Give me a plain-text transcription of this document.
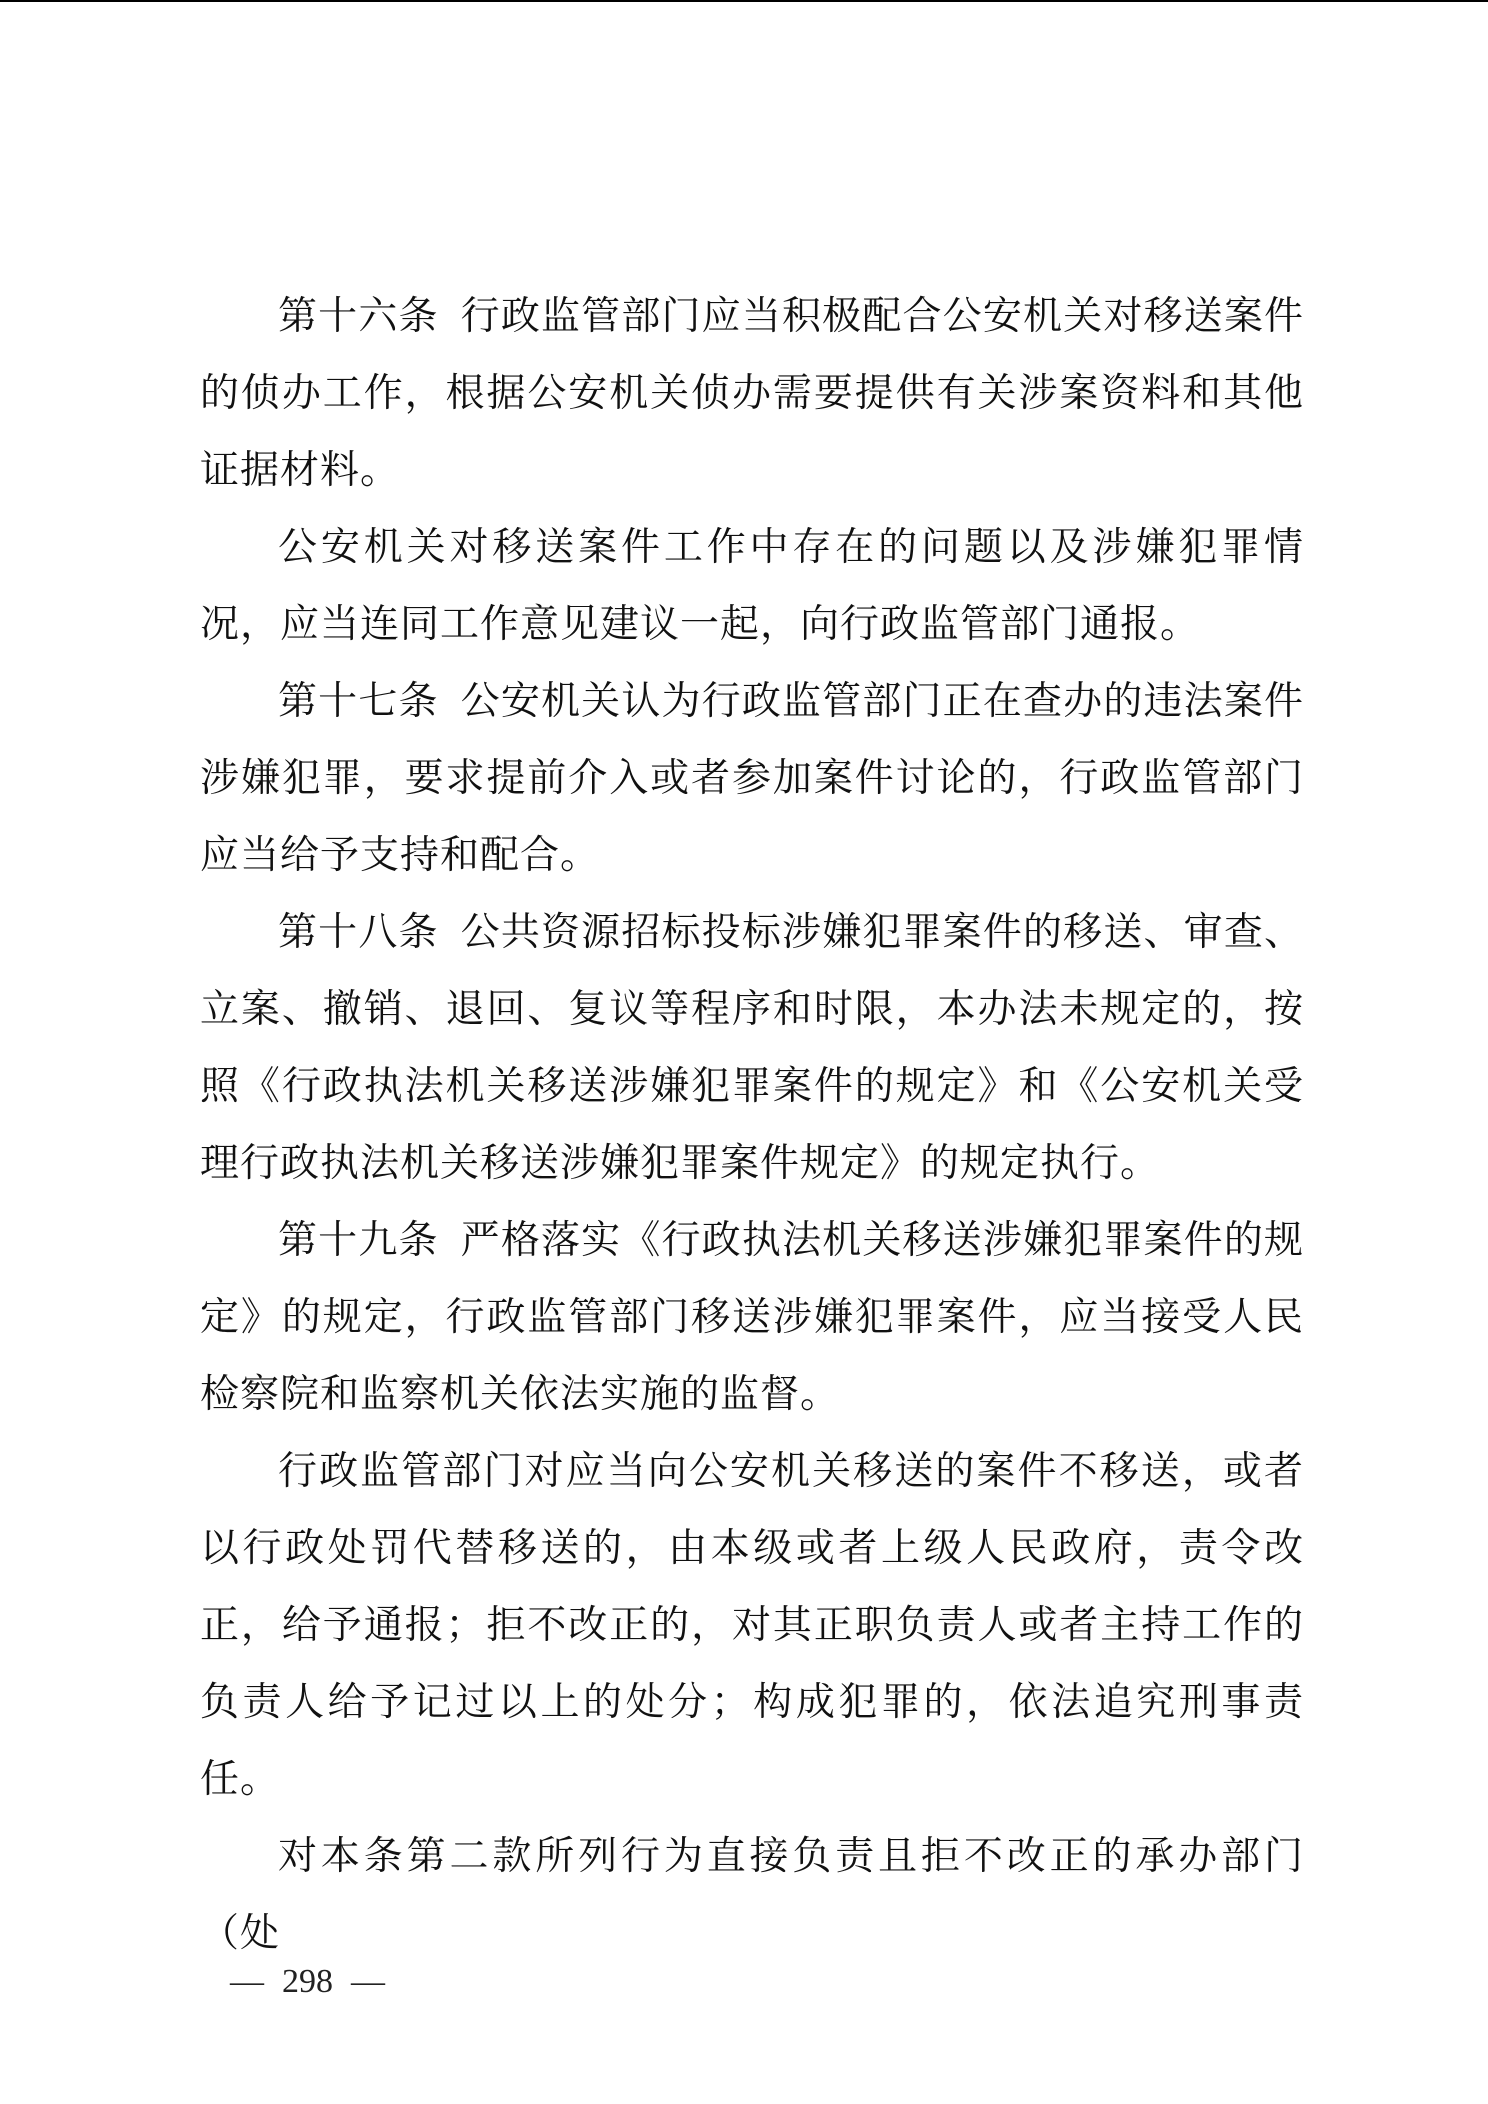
第十六条 行政监管部门应当积极配合公安机关对移送案件的侦办工作，根据公安机关侦办需要提供有关涉案资料和其他证据材料。

公安机关对移送案件工作中存在的问题以及涉嫌犯罪情况，应当连同工作意见建议一起，向行政监管部门通报。

第十七条 公安机关认为行政监管部门正在查办的违法案件涉嫌犯罪，要求提前介入或者参加案件讨论的，行政监管部门应当给予支持和配合。

第十八条 公共资源招标投标涉嫌犯罪案件的移送、审查、立案、撤销、退回、复议等程序和时限，本办法未规定的，按照《行政执法机关移送涉嫌犯罪案件的规定》和《公安机关受理行政执法机关移送涉嫌犯罪案件规定》的规定执行。

第十九条 严格落实《行政执法机关移送涉嫌犯罪案件的规定》的规定，行政监管部门移送涉嫌犯罪案件，应当接受人民检察院和监察机关依法实施的监督。

行政监管部门对应当向公安机关移送的案件不移送，或者以行政处罚代替移送的，由本级或者上级人民政府，责令改正，给予通报；拒不改正的，对其正职负责人或者主持工作的负责人给予记过以上的处分；构成犯罪的，依法追究刑事责任。

对本条第二款所列行为直接负责且拒不改正的承办部门（处

— 298 —
